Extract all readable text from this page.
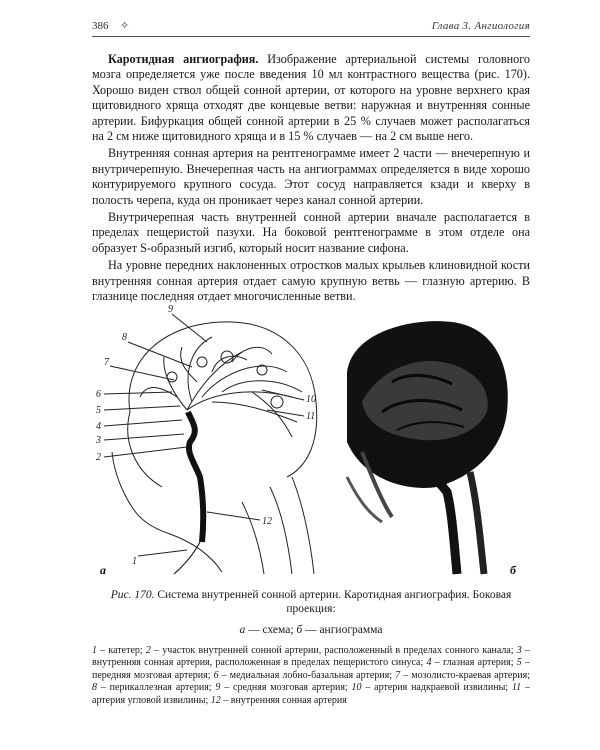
386 ✧	Глава 3. Ангиология

Каротидная ангиография. Изображение артериальной системы головного мозга определяется уже после введения 10 мл контрастного вещества (рис. 170). Хорошо виден ствол общей сонной артерии, от которого на уровне верхнего края щитовидного хряща отходят две концевые ветви: наружная и внутренняя сонные артерии. Бифуркация общей сонной артерии в 25 % случаев может располагаться на 2 см ниже щитовидного хряща и в 15 % случаев — на 2 см выше него.

Внутренняя сонная артерия на рентгенограмме имеет 2 части — внечерепную и внутричерепную. Внечерепная часть на ангиограммах определяется в виде хорошо контурируемого крупного сосуда. Этот сосуд направляется кзади и кверху в полость черепа, куда он проникает через канал сонной артерии.

Внутричерепная часть внутренней сонной артерии вначале располагается в пределах пещеристой пазухи. На боковой рентгенограмме в этом отделе она образует S-образный изгиб, который носит название сифона.

На уровне передних наклоненных отростков малых крыльев клиновидной кости внутренняя сонная артерия отдает самую крупную ветвь — глазную артерию. В глазнице последняя отдает многочисленные ветви.

1
2
3
4
5
6
7
8
9
10
11
12
а	б
Рис. 170. Система внутренней сонной артерии. Каротидная ангиография. Боковая проекция:
а — схема; б — ангиограмма
1 – катетер; 2 – участок внутренней сонной артерии, расположенный в пределах сонного канала; 3 – внутренняя сонная артерия, расположенная в пределах пещеристого синуса; 4 – глазная артерия; 5 – передняя мозговая артерия; 6 – медиальная лобно-базальная артерия; 7 – мозолисто-краевая артерия; 8 – перикаллезная артерия; 9 – средняя мозговая артерия; 10 – артерия надкраевой извилины; 11 – артерия угловой извилины; 12 – внутренняя сонная артерия
